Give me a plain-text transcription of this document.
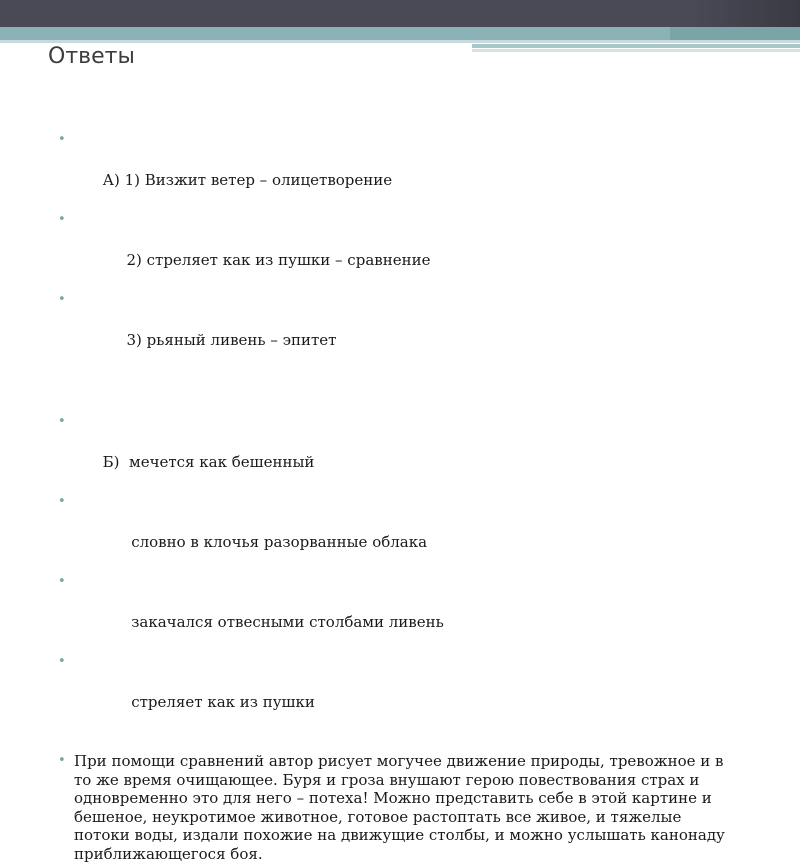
Ответы

•

А) 1) Визжит ветер – олицетворение

•

2) стреляет как из пушки – сравнение

•

3) рьяный ливень – эпитет

•

Б)  мечется как бешенный

•

словно в клочья разорванные облака

•

закачался отвесными столбами ливень

•

стреляет как из пушки

• При помощи сравнений автор рисует могучее движение природы, тревожное и в то же время очищающее. Буря и гроза внушают герою повествования страх и одновременно это для него – потеха! Можно представить себе в этой картине и бешеное, неукротимое животное, готовое растоптать все живое, и тяжелые потоки воды, издали похожие на движущие столбы, и можно услышать канонаду приближающегося боя.
